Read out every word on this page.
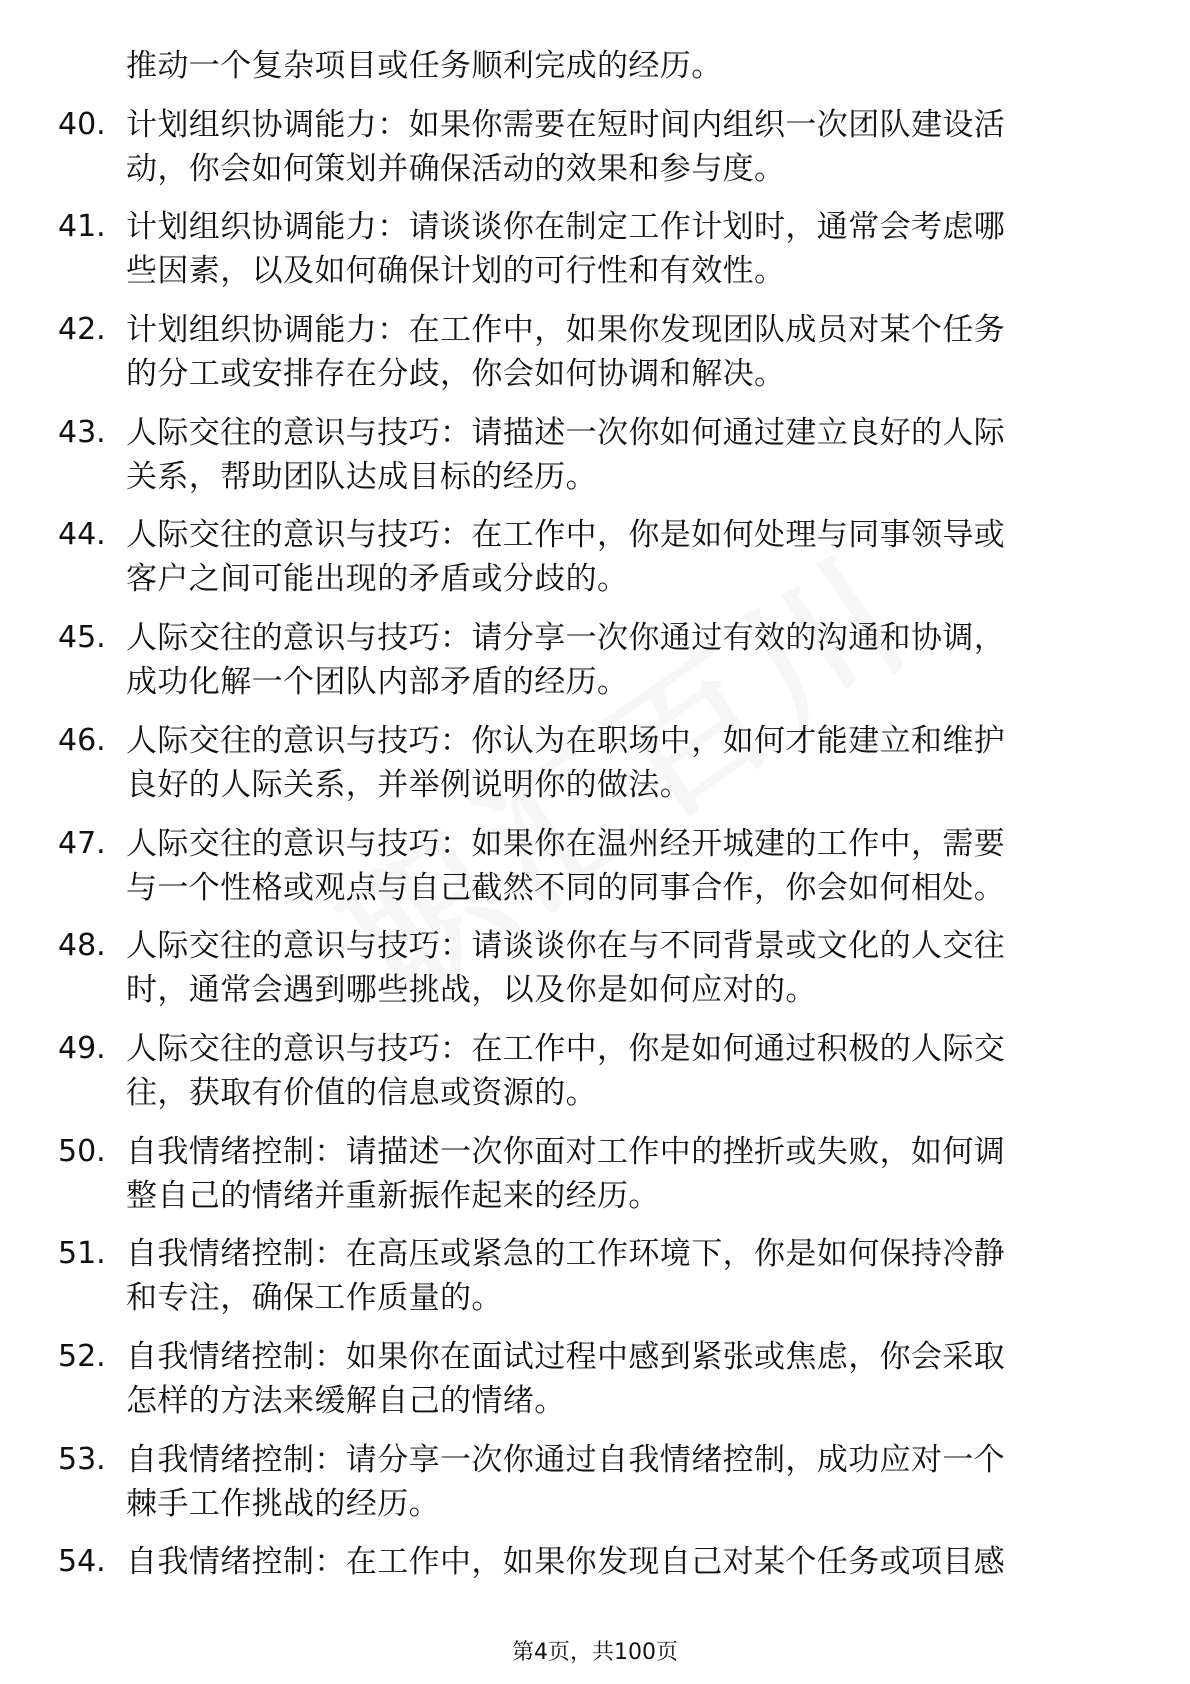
推动一个复杂项目或任务顺利完成的经历。
40. 计划组织协调能力：如果你需要在短时间内组织一次团队建设活
动，你会如何策划并确保活动的效果和参与度。
41. 计划组织协调能力：请谈谈你在制定工作计划时，通常会考虑哪
些因素，以及如何确保计划的可行性和有效性。
42. 计划组织协调能力：在工作中，如果你发现团队成员对某个任务
的分工或安排存在分歧，你会如何协调和解决。
43. 人际交往的意识与技巧：请描述一次你如何通过建立良好的人际
关系，帮助团队达成目标的经历。
44. 人际交往的意识与技巧：在工作中，你是如何处理与同事领导或
客户之间可能出现的矛盾或分歧的。
45. 人际交往的意识与技巧：请分享一次你通过有效的沟通和协调，
成功化解一个团队内部矛盾的经历。
46. 人际交往的意识与技巧：你认为在职场中，如何才能建立和维护
良好的人际关系，并举例说明你的做法。
47. 人际交往的意识与技巧：如果你在温州经开城建的工作中，需要
与一个性格或观点与自己截然不同的同事合作，你会如何相处。
48. 人际交往的意识与技巧：请谈谈你在与不同背景或文化的人交往
时，通常会遇到哪些挑战，以及你是如何应对的。
49. 人际交往的意识与技巧：在工作中，你是如何通过积极的人际交
往，获取有价值的信息或资源的。
50. 自我情绪控制：请描述一次你面对工作中的挫折或失败，如何调
整自己的情绪并重新振作起来的经历。
51. 自我情绪控制：在高压或紧急的工作环境下，你是如何保持冷静
和专注，确保工作质量的。
52. 自我情绪控制：如果你在面试过程中感到紧张或焦虑，你会采取
怎样的方法来缓解自己的情绪。
53. 自我情绪控制：请分享一次你通过自我情绪控制，成功应对一个
棘手工作挑战的经历。
54. 自我情绪控制：在工作中，如果你发现自己对某个任务或项目感
第4页，共100页
